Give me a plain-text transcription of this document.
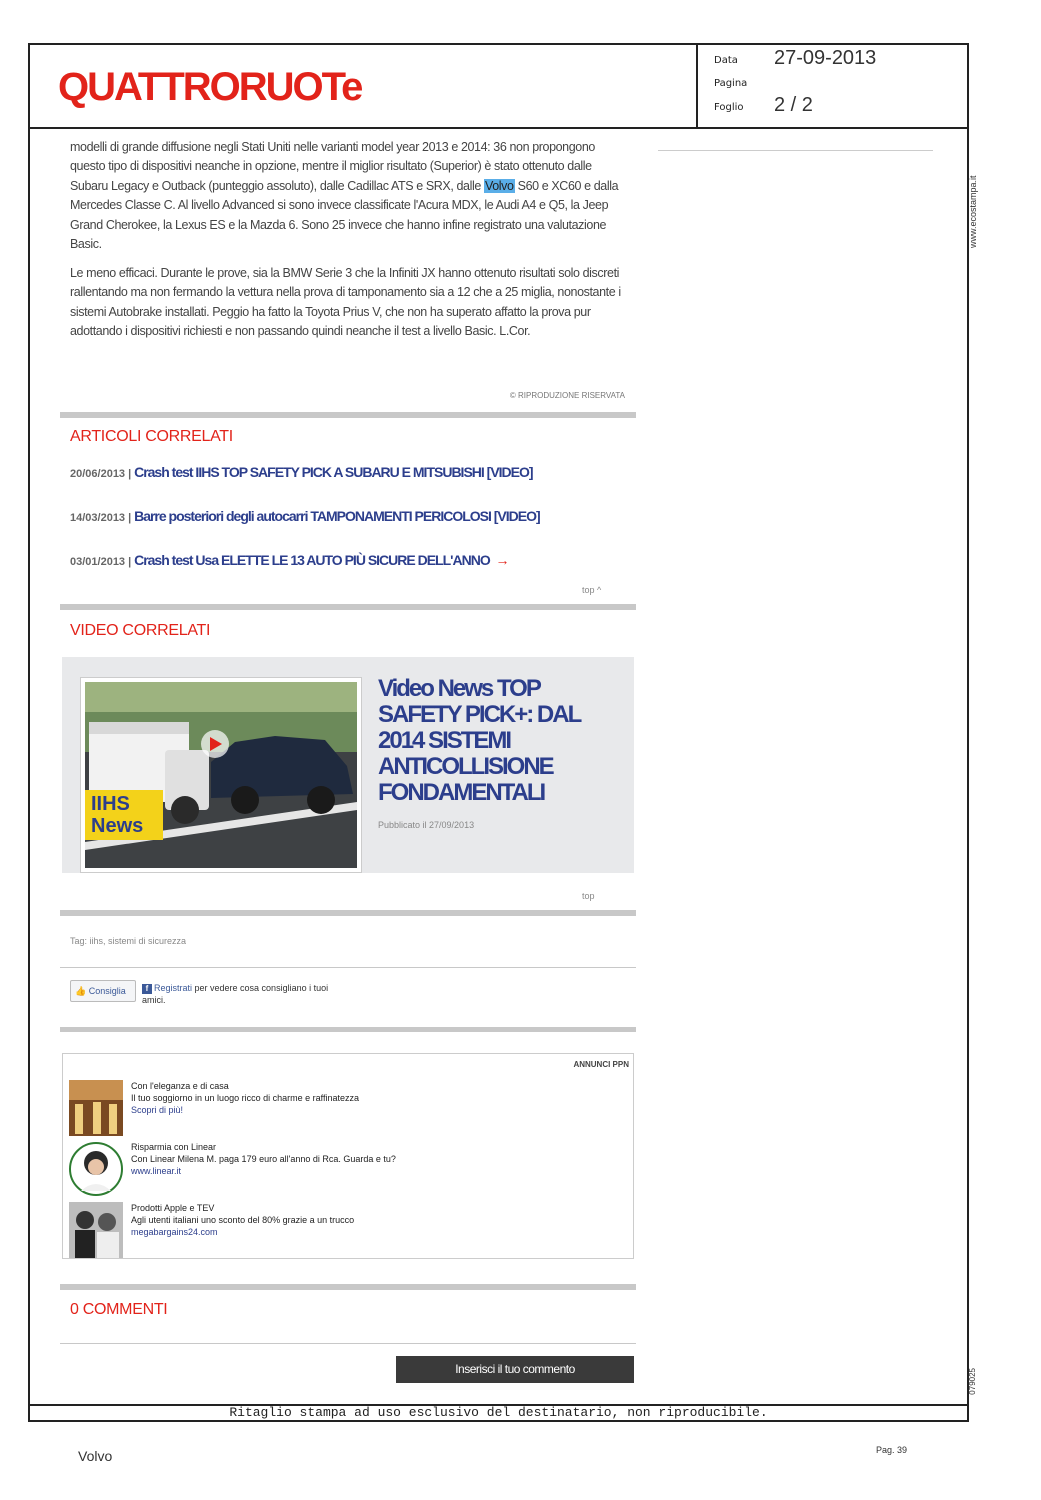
QUATTRORUOTe
Data 27-09-2013
Pagina
Foglio 2 / 2
www.ecostampa.it
079025

modelli di grande diffusione negli Stati Uniti nelle varianti model year 2013 e 2014: 36 non propongono questo tipo di dispositivi neanche in opzione, mentre il miglior risultato (Superior) è stato ottenuto dalle Subaru Legacy e Outback (punteggio assoluto), dalle Cadillac ATS e SRX, dalle Volvo S60 e XC60 e dalla Mercedes Classe C. Al livello Advanced si sono invece classificate l'Acura MDX, le Audi A4 e Q5, la Jeep Grand Cherokee, la Lexus ES e la Mazda 6. Sono 25 invece che hanno infine registrato una valutazione Basic.

Le meno efficaci. Durante le prove, sia la BMW Serie 3 che la Infiniti JX hanno ottenuto risultati solo discreti rallentando ma non fermando la vettura nella prova di tamponamento sia a 12 che a 25 miglia, nonostante i sistemi Autobrake installati. Peggio ha fatto la Toyota Prius V, che non ha superato affatto la prova pur adottando i dispositivi richiesti e non passando quindi neanche il test a livello Basic. L.Cor.

© RIPRODUZIONE RISERVATA
ARTICOLI CORRELATI
20/06/2013 | Crash test IIHS TOP SAFETY PICK A SUBARU E MITSUBISHI [VIDEO]
14/03/2013 | Barre posteriori degli autocarri TAMPONAMENTI PERICOLOSI [VIDEO]
03/01/2013 | Crash test Usa ELETTE LE 13 AUTO PIÙ SICURE DELL'ANNO →
top ^
VIDEO CORRELATI
IIHS
News
Video News TOP SAFETY PICK+: DAL 2014 SISTEMI ANTICOLLISIONE FONDAMENTALI
Pubblicato il 27/09/2013
top
Tag: iihs, sistemi di sicurezza
👍 Consiglia	f Registrati per vedere cosa consigliano i tuoi amici.
ANNUNCI PPN
Con l'eleganza e di casa
Il tuo soggiorno in un luogo ricco di charme e raffinatezza
Scopri di più!
Risparmia con Linear
Con Linear Milena M. paga 179 euro all'anno di Rca. Guarda e tu?
www.linear.it
Prodotti Apple e TEV
Agli utenti italiani uno sconto del 80% grazie a un trucco
megabargains24.com
0 COMMENTI
Inserisci il tuo commento
Ritaglio stampa ad uso esclusivo del destinatario, non riproducibile.
Volvo	Pag. 39
